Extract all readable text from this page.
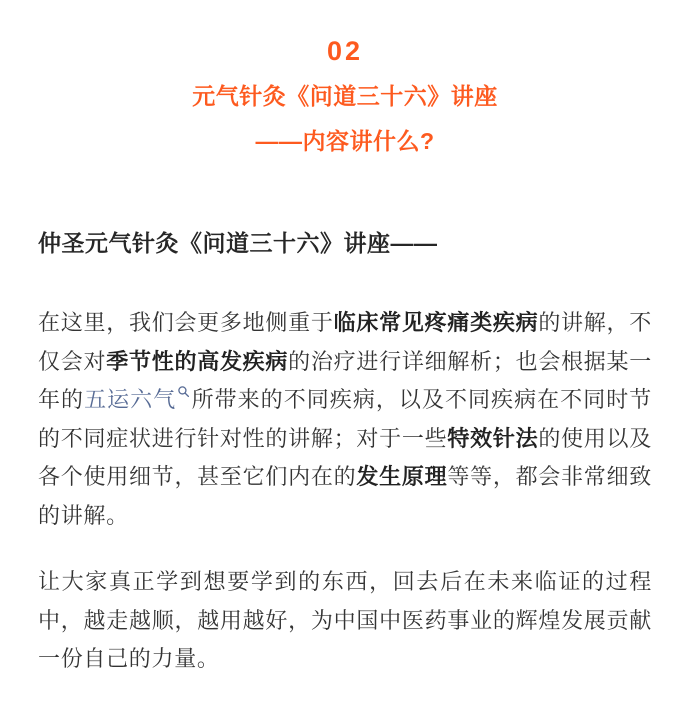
02
元气针灸《问道三十六》讲座
——内容讲什么?

仲圣元气针灸《问道三十六》讲座——

在这里，我们会更多地侧重于临床常见疼痛类疾病的讲解，不仅会对季节性的高发疾病的治疗进行详细解析；也会根据某一年的五运六气 所带来的不同疾病，以及不同疾病在不同时节的不同症状进行针对性的讲解；对于一些特效针法的使用以及各个使用细节，甚至它们内在的发生原理等等，都会非常细致的讲解。

让大家真正学到想要学到的东西，回去后在未来临证的过程中，越走越顺，越用越好，为中国中医药事业的辉煌发展贡献一份自己的力量。
